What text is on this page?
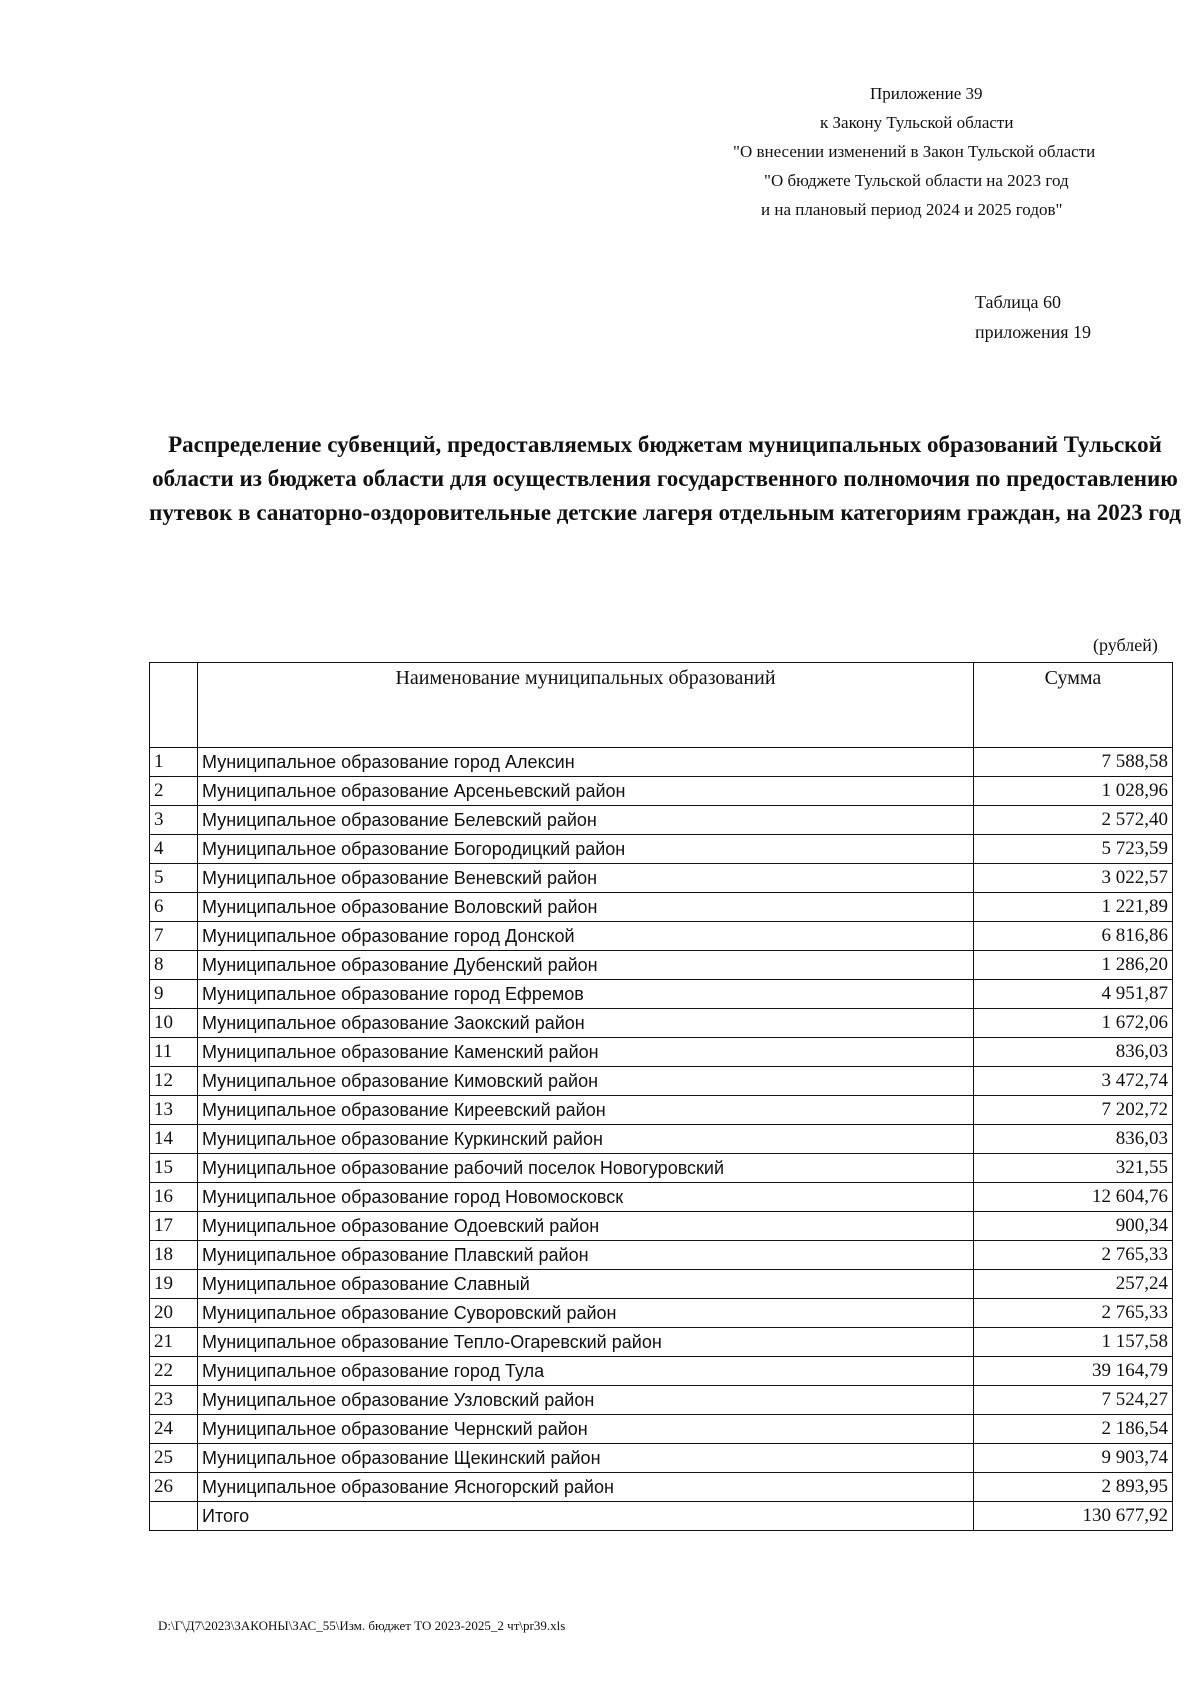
Приложение 39
к Закону Тульской области
"О внесении изменений в Закон Тульской области
"О бюджете Тульской области на 2023 год
и на плановый период 2024 и 2025 годов"
Таблица 60
приложения 19
Распределение субвенций, предоставляемых бюджетам муниципальных образований Тульской области из бюджета области для осуществления государственного полномочия по предоставлению путевок в санаторно-оздоровительные детские лагеря отдельным категориям граждан, на 2023 год
(рублей)
	Наименование муниципальных образований	Сумма
1	Муниципальное образование город Алексин	7 588,58
2	Муниципальное образование Арсеньевский район	1 028,96
3	Муниципальное образование Белевский район	2 572,40
4	Муниципальное образование Богородицкий район	5 723,59
5	Муниципальное образование Веневский район	3 022,57
6	Муниципальное образование Воловский район	1 221,89
7	Муниципальное образование город Донской	6 816,86
8	Муниципальное образование Дубенский район	1 286,20
9	Муниципальное образование город Ефремов	4 951,87
10	Муниципальное образование Заокский район	1 672,06
11	Муниципальное образование Каменский район	836,03
12	Муниципальное образование Кимовский район	3 472,74
13	Муниципальное образование Киреевский район	7 202,72
14	Муниципальное образование Куркинский район	836,03
15	Муниципальное образование рабочий поселок Новогуровский	321,55
16	Муниципальное образование город Новомосковск	12 604,76
17	Муниципальное образование Одоевский район	900,34
18	Муниципальное образование Плавский район	2 765,33
19	Муниципальное образование Славный	257,24
20	Муниципальное образование Суворовский район	2 765,33
21	Муниципальное образование Тепло-Огаревский район	1 157,58
22	Муниципальное образование город Тула	39 164,79
23	Муниципальное образование Узловский район	7 524,27
24	Муниципальное образование Чернский район	2 186,54
25	Муниципальное образование Щекинский район	9 903,74
26	Муниципальное образование Ясногорский район	2 893,95
	Итого	130 677,92
D:\Г\Д7\2023\ЗАКОНЫ\ЗАС_55\Изм. бюджет ТО 2023-2025_2 чт\pr39.xls
